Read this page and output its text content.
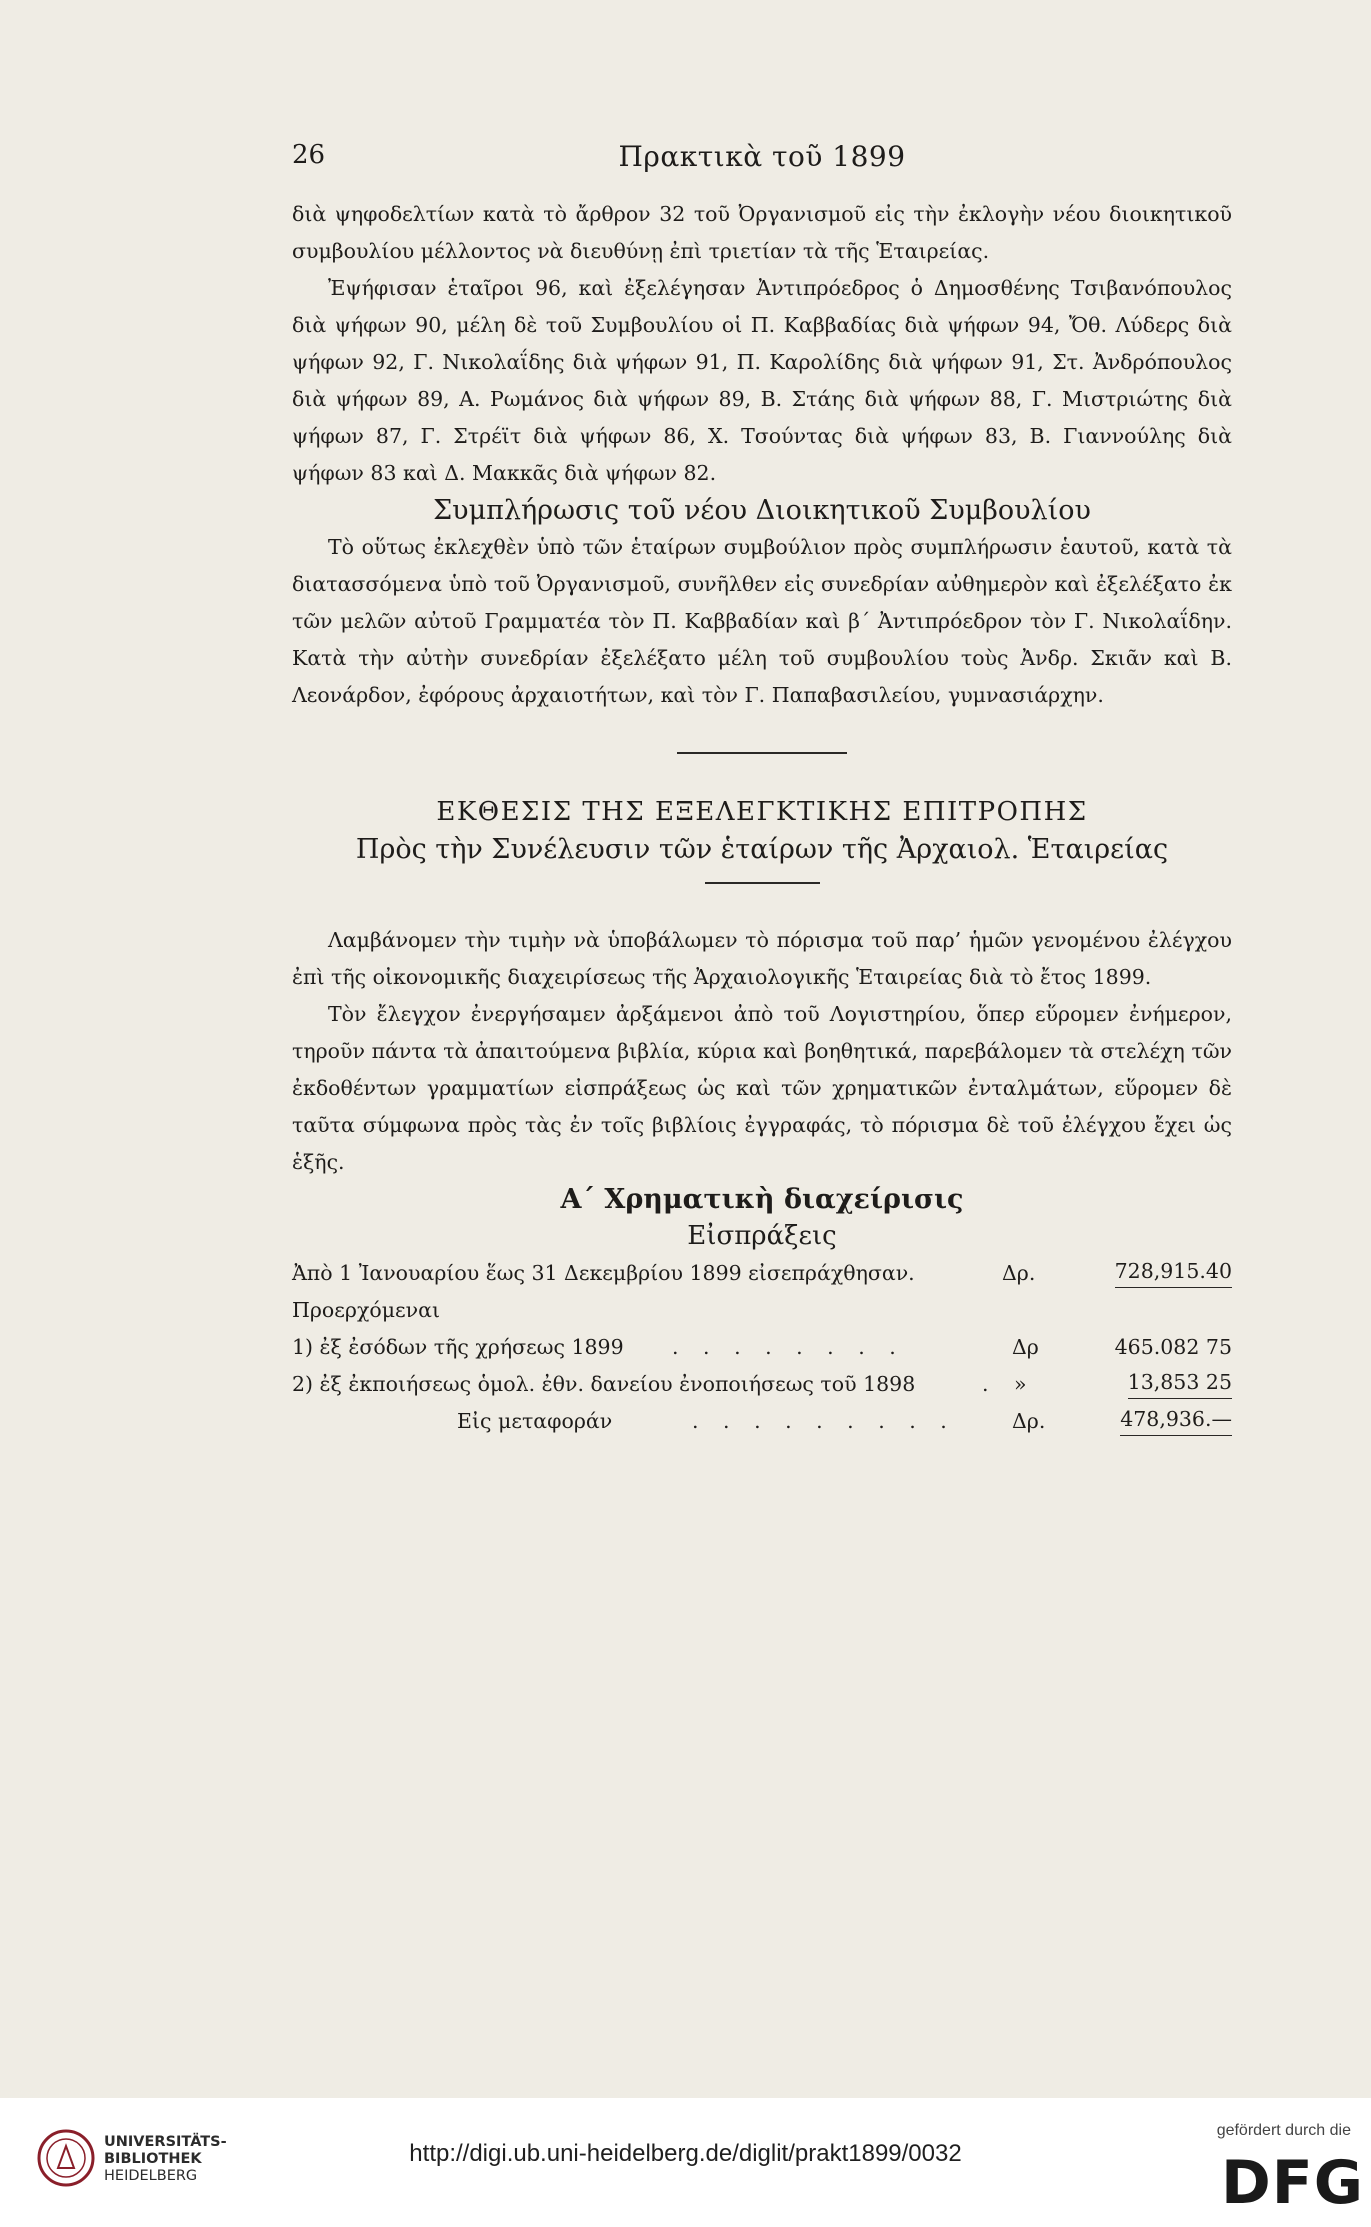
26	Πρακτικὰ τοῦ 1899

διὰ ψηφοδελτίων κατὰ τὸ ἄρθρον 32 τοῦ Ὀργανισμοῦ εἰς τὴν ἐκλογὴν νέου διοικητικοῦ συμβουλίου μέλλοντος νὰ διευθύνῃ ἐπὶ τριετίαν τὰ τῆς Ἑταιρείας.

Ἐψήφισαν ἑταῖροι 96, καὶ ἐξελέγησαν Ἀντιπρόεδρος ὁ Δημοσθένης Τσιβανόπουλος διὰ ψήφων 90, μέλη δὲ τοῦ Συμβουλίου οἱ Π. Καββαδίας διὰ ψήφων 94, Ὄθ. Λύδερς διὰ ψήφων 92, Γ. Νικολαΐδης διὰ ψήφων 91, Π. Καρολίδης διὰ ψήφων 91, Στ. Ἀνδρόπουλος διὰ ψήφων 89, Α. Ρωμάνος διὰ ψήφων 89, Β. Στάης διὰ ψήφων 88, Γ. Μιστριώτης διὰ ψήφων 87, Γ. Στρέϊτ διὰ ψήφων 86, Χ. Τσούντας διὰ ψήφων 83, Β. Γιαννούλης διὰ ψήφων 83 καὶ Δ. Μακκᾶς διὰ ψήφων 82.

Συμπλήρωσις τοῦ νέου Διοικητικοῦ Συμβουλίου

Τὸ οὕτως ἐκλεχθὲν ὑπὸ τῶν ἑταίρων συμβούλιον πρὸς συμπλήρωσιν ἑαυτοῦ, κατὰ τὰ διατασσόμενα ὑπὸ τοῦ Ὀργανισμοῦ, συνῆλθεν εἰς συνεδρίαν αὐθημερὸν καὶ ἐξελέξατο ἐκ τῶν μελῶν αὐτοῦ Γραμματέα τὸν Π. Καββαδίαν καὶ β΄ Ἀντιπρόεδρον τὸν Γ. Νικολαΐδην. Κατὰ τὴν αὐτὴν συνεδρίαν ἐξελέξατο μέλη τοῦ συμβουλίου τοὺς Ἀνδρ. Σκιᾶν καὶ Β. Λεονάρδον, ἐφόρους ἀρχαιοτήτων, καὶ τὸν Γ. Παπαβασιλείου, γυμνασιάρχην.

ΕΚΘΕΣΙΣ ΤΗΣ ΕΞΕΛΕΓΚΤΙΚΗΣ ΕΠΙΤΡΟΠΗΣ

Πρὸς τὴν Συνέλευσιν τῶν ἑταίρων τῆς Ἀρχαιολ. Ἑταιρείας

Λαμβάνομεν τὴν τιμὴν νὰ ὑποβάλωμεν τὸ πόρισμα τοῦ παρ’ ἡμῶν γενομένου ἐλέγχου ἐπὶ τῆς οἰκονομικῆς διαχειρίσεως τῆς Ἀρχαιολογικῆς Ἑταιρείας διὰ τὸ ἔτος 1899.

Τὸν ἔλεγχον ἐνεργήσαμεν ἀρξάμενοι ἀπὸ τοῦ Λογιστηρίου, ὅπερ εὕρομεν ἐνήμερον, τηροῦν πάντα τὰ ἀπαιτούμενα βιβλία, κύρια καὶ βοηθητικά, παρεβάλομεν τὰ στελέχη τῶν ἐκδοθέντων γραμματίων εἰσπράξεως ὡς καὶ τῶν χρηματικῶν ἐνταλμάτων, εὕρομεν δὲ ταῦτα σύμφωνα πρὸς τὰς ἐν τοῖς βιβλίοις ἐγγραφάς, τὸ πόρισμα δὲ τοῦ ἐλέγχου ἔχει ὡς ἑξῆς.

Α΄ Χρηματικὴ διαχείρισις

Εἰσπράξεις

Ἀπὸ 1 Ἰανουαρίου ἕως 31 Δεκεμβρίου 1899 εἰσεπράχθησαν.	Δρ.	728,915.40
Προερχόμεναι
1) ἐξ ἐσόδων τῆς χρήσεως 1899 . . . . . . . .	Δρ	465.082 75
2) ἐξ ἐκποιήσεως ὁμολ. ἐθν. δανείου ἐνοποιήσεως τοῦ 1898	. »	13,853 25
Εἰς μεταφοράν	. . . . . . . . .	Δρ.	478,936.—
UNIVERSITÄTS-
BIBLIOTHEK
HEIDELBERG
http://digi.ub.uni-heidelberg.de/diglit/prakt1899/0032
gefördert durch die
DFG
